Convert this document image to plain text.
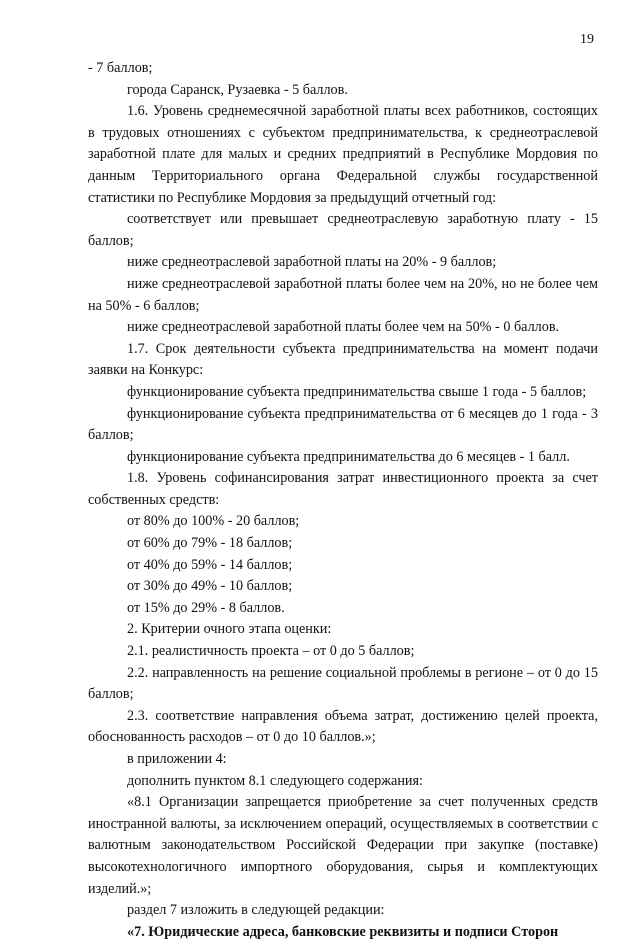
19

- 7 баллов;

города Саранск, Рузаевка - 5 баллов.

1.6. Уровень среднемесячной заработной платы всех работников, состоящих в трудовых отношениях с субъектом предпринимательства, к среднеотраслевой заработной плате для малых и средних предприятий в Республике Мордовия по данным Территориального органа Федеральной службы государственной статистики по Республике Мордовия за предыдущий отчетный год:

соответствует или превышает среднеотраслевую заработную плату - 15 баллов;

ниже среднеотраслевой заработной платы на 20% - 9 баллов;

ниже среднеотраслевой заработной платы более чем на 20%, но не более чем на 50% - 6 баллов;

ниже среднеотраслевой заработной платы более чем на 50% - 0 баллов.

1.7. Срок деятельности субъекта предпринимательства на момент подачи заявки на Конкурс:

функционирование субъекта предпринимательства свыше 1 года - 5 баллов;

функционирование субъекта предпринимательства от 6 месяцев до 1 года - 3 баллов;

функционирование субъекта предпринимательства до 6 месяцев - 1 балл.

1.8. Уровень софинансирования затрат инвестиционного проекта за счет собственных средств:

от 80% до 100% - 20 баллов;

от 60% до 79% - 18 баллов;

от 40% до 59% - 14 баллов;

от 30% до 49% - 10 баллов;

от 15% до 29% - 8 баллов.

2. Критерии очного этапа оценки:

2.1. реалистичность проекта – от 0 до 5 баллов;

2.2. направленность на решение социальной проблемы в регионе – от 0 до 15 баллов;

2.3. соответствие направления объема затрат, достижению целей проекта, обоснованность расходов – от 0 до 10 баллов.»;

в приложении 4:

дополнить пунктом 8.1 следующего содержания:

«8.1 Организации запрещается приобретение за счет полученных средств иностранной валюты, за исключением операций, осуществляемых в соответствии с валютным законодательством Российской Федерации при закупке (поставке) высокотехнологичного импортного оборудования, сырья и комплектующих изделий.»;

раздел 7 изложить в следующей редакции:

«7. Юридические адреса, банковские реквизиты и подписи Сторон
